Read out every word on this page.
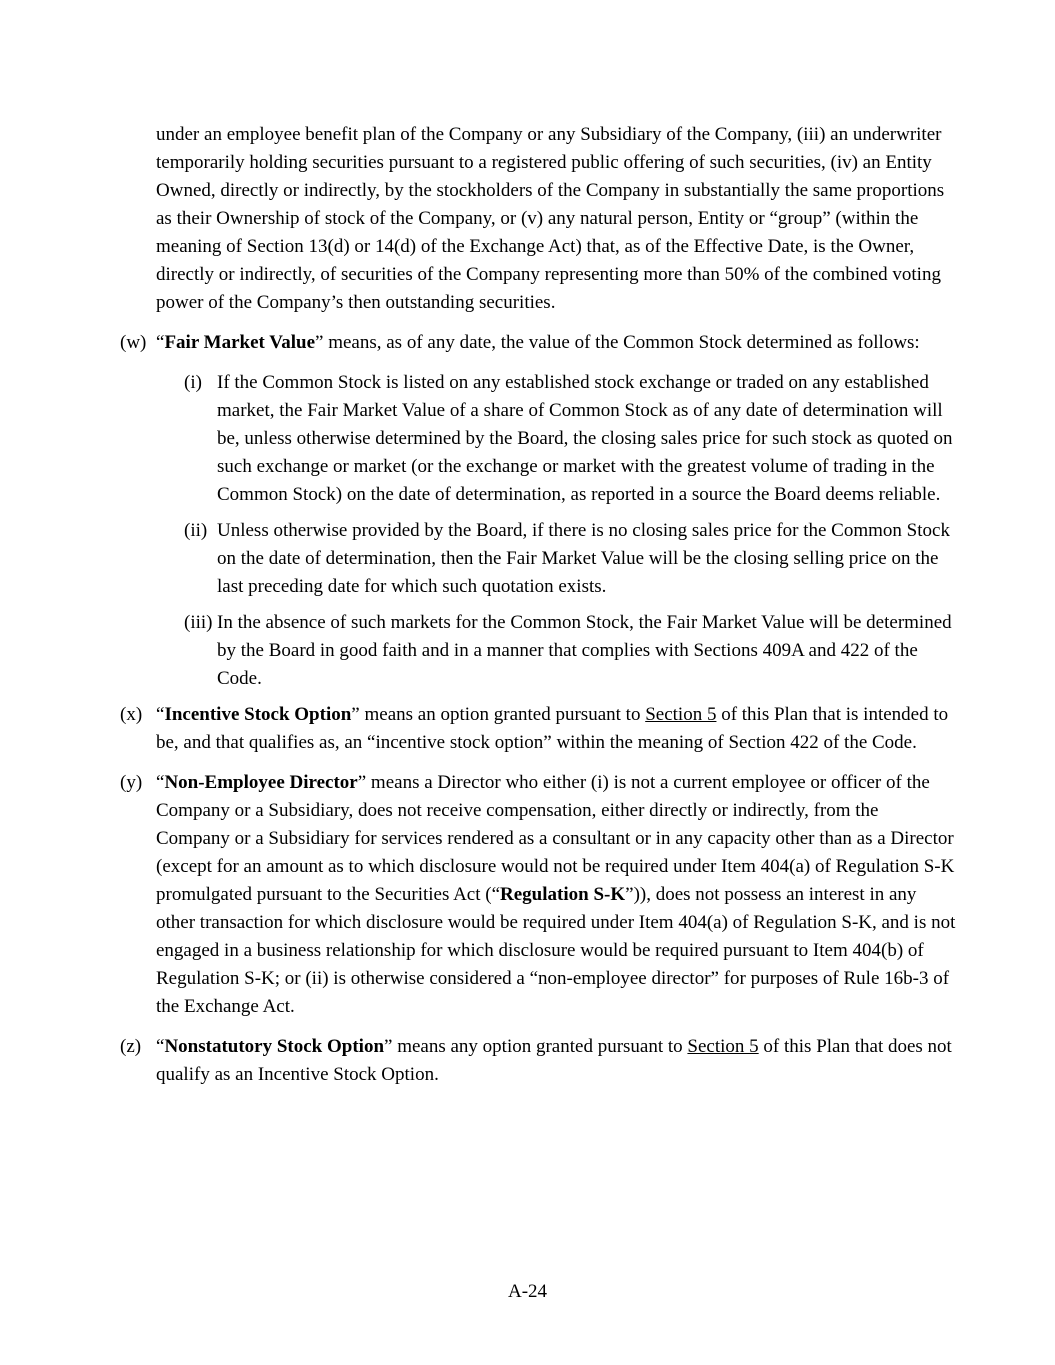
under an employee benefit plan of the Company or any Subsidiary of the Company, (iii) an underwriter temporarily holding securities pursuant to a registered public offering of such securities, (iv) an Entity Owned, directly or indirectly, by the stockholders of the Company in substantially the same proportions as their Ownership of stock of the Company, or (v) any natural person, Entity or “group” (within the meaning of Section 13(d) or 14(d) of the Exchange Act) that, as of the Effective Date, is the Owner, directly or indirectly, of securities of the Company representing more than 50% of the combined voting power of the Company’s then outstanding securities.
(w) “Fair Market Value” means, as of any date, the value of the Common Stock determined as follows:
(i) If the Common Stock is listed on any established stock exchange or traded on any established market, the Fair Market Value of a share of Common Stock as of any date of determination will be, unless otherwise determined by the Board, the closing sales price for such stock as quoted on such exchange or market (or the exchange or market with the greatest volume of trading in the Common Stock) on the date of determination, as reported in a source the Board deems reliable.
(ii) Unless otherwise provided by the Board, if there is no closing sales price for the Common Stock on the date of determination, then the Fair Market Value will be the closing selling price on the last preceding date for which such quotation exists.
(iii) In the absence of such markets for the Common Stock, the Fair Market Value will be determined by the Board in good faith and in a manner that complies with Sections 409A and 422 of the Code.
(x) “Incentive Stock Option” means an option granted pursuant to Section 5 of this Plan that is intended to be, and that qualifies as, an “incentive stock option” within the meaning of Section 422 of the Code.
(y) “Non-Employee Director” means a Director who either (i) is not a current employee or officer of the Company or a Subsidiary, does not receive compensation, either directly or indirectly, from the Company or a Subsidiary for services rendered as a consultant or in any capacity other than as a Director (except for an amount as to which disclosure would not be required under Item 404(a) of Regulation S-K promulgated pursuant to the Securities Act (“Regulation S-K”)), does not possess an interest in any other transaction for which disclosure would be required under Item 404(a) of Regulation S-K, and is not engaged in a business relationship for which disclosure would be required pursuant to Item 404(b) of Regulation S-K; or (ii) is otherwise considered a “non-employee director” for purposes of Rule 16b-3 of the Exchange Act.
(z) “Nonstatutory Stock Option” means any option granted pursuant to Section 5 of this Plan that does not qualify as an Incentive Stock Option.
A-24
